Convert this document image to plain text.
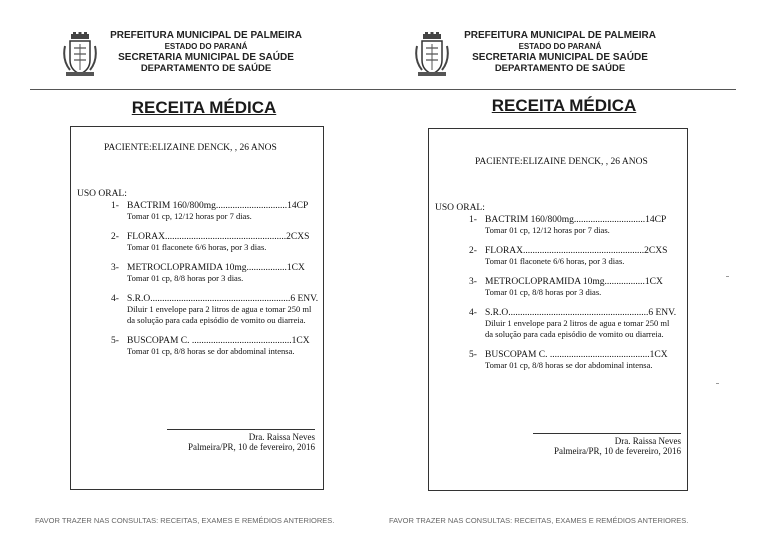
PREFEITURA MUNICIPAL DE PALMEIRA
ESTADO DO PARANÁ
SECRETARIA MUNICIPAL DE SAÚDE
DEPARTAMENTO DE SAÚDE
RECEITA MÉDICA
PACIENTE:ELIZAINE DENCK, , 26 ANOS
USO ORAL:
1- BACTRIM 160/800mg..............................14CP
Tomar 01 cp, 12/12 horas por 7 dias.
2- FLORAX...................................................2CXS
Tomar 01 flaconete 6/6 horas, por 3 dias.
3- METROCLOPRAMIDA 10mg.................1CX
Tomar 01 cp, 8/8 horas por 3 dias.
4- S.R.O...........................................................6 ENV.
Diluir 1 envelope para 2 litros de agua e tomar 250 ml da solução para cada episódio de vomito ou diarreia.
5- BUSCOPAM C. ..........................................1CX
Tomar 01 cp, 8/8 horas se dor abdominal intensa.
Dra. Raissa Neves
Palmeira/PR, 10 de fevereiro, 2016
FAVOR TRAZER NAS CONSULTAS: RECEITAS, EXAMES E REMÉDIOS ANTERIORES.
PREFEITURA MUNICIPAL DE PALMEIRA
ESTADO DO PARANÁ
SECRETARIA MUNICIPAL DE SAÚDE
DEPARTAMENTO DE SAÚDE
RECEITA MÉDICA
PACIENTE:ELIZAINE DENCK, , 26 ANOS
USO ORAL:
1- BACTRIM 160/800mg..............................14CP
Tomar 01 cp, 12/12 horas por 7 dias.
2- FLORAX...................................................2CXS
Tomar 01 flaconete 6/6 horas, por 3 dias.
3- METROCLOPRAMIDA 10mg.................1CX
Tomar 01 cp, 8/8 horas por 3 dias.
4- S.R.O...........................................................6 ENV.
Diluir 1 envelope para 2 litros de agua e tomar 250 ml da solução para cada episódio de vomito ou diarreia.
5- BUSCOPAM C. ..........................................1CX
Tomar 01 cp, 8/8 horas se dor abdominal intensa.
Dra. Raissa Neves
Palmeira/PR, 10 de fevereiro, 2016
FAVOR TRAZER NAS CONSULTAS: RECEITAS, EXAMES E REMÉDIOS ANTERIORES.
